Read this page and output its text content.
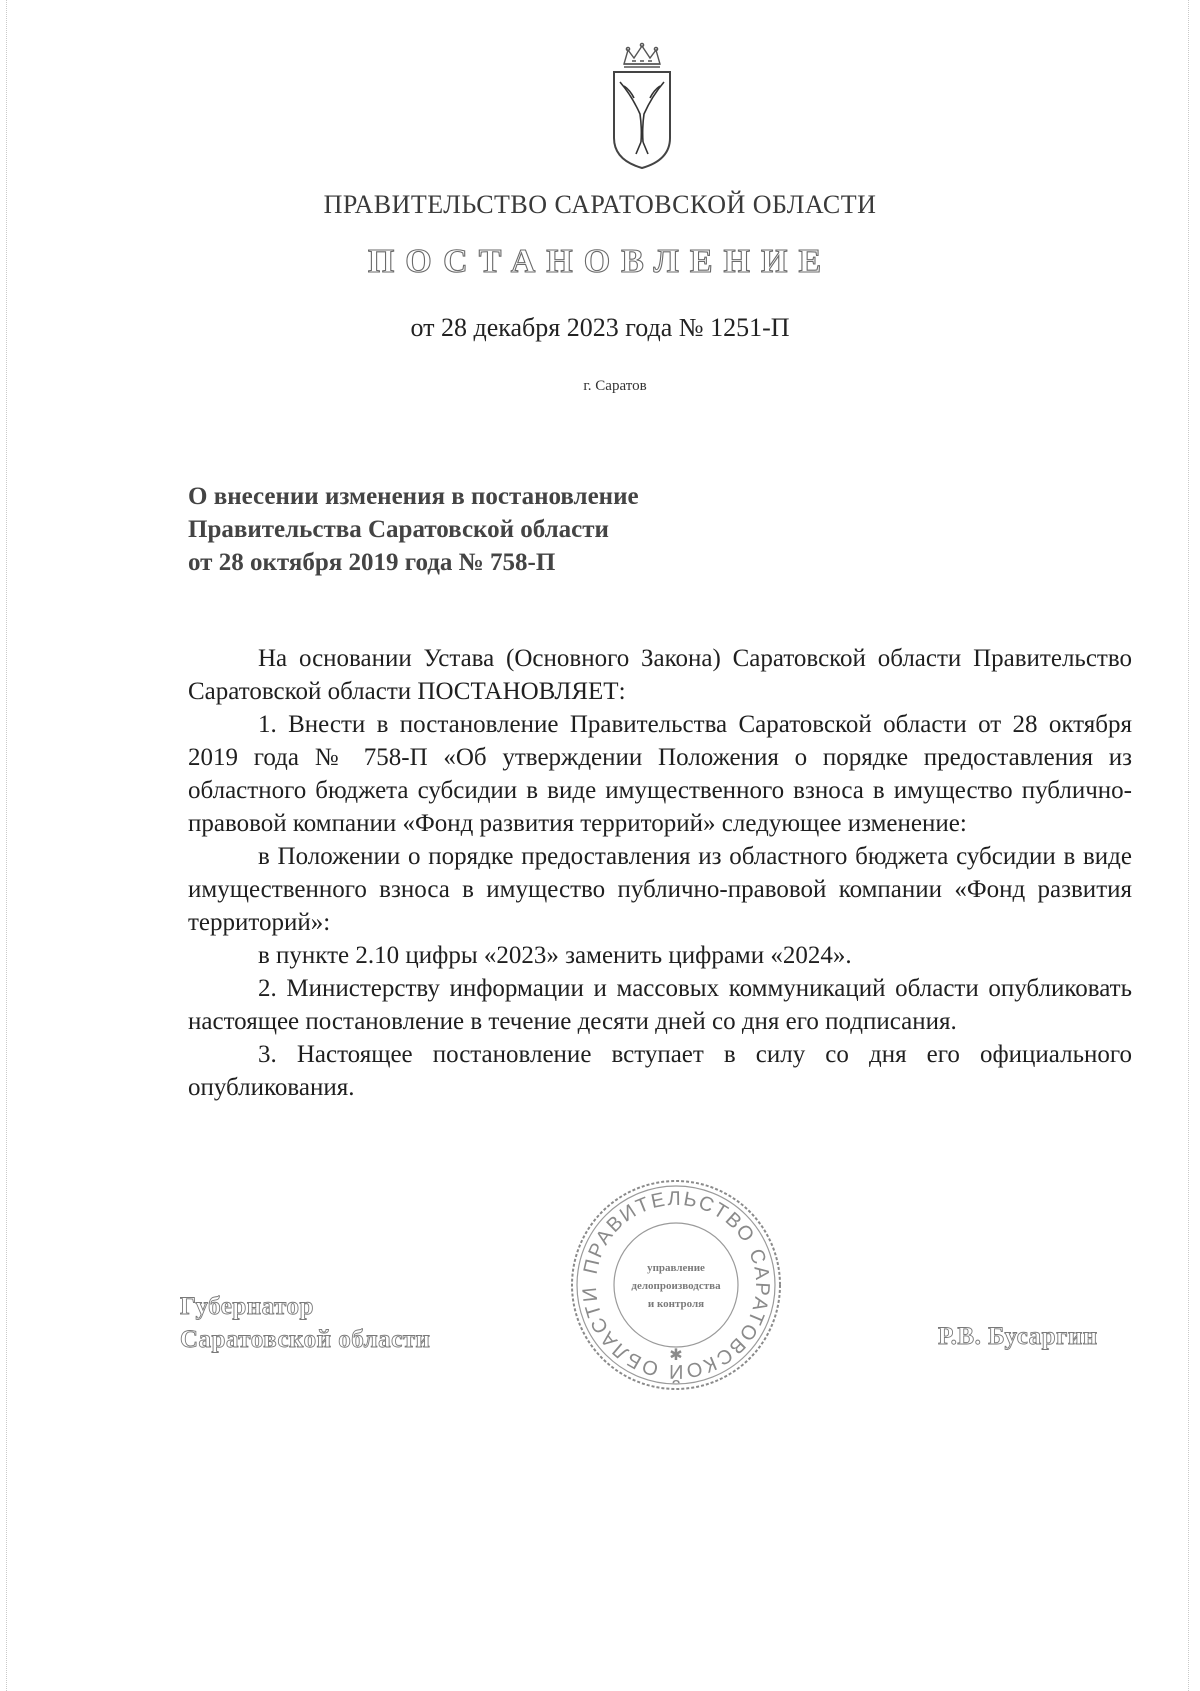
ПРАВИТЕЛЬСТВО САРАТОВСКОЙ ОБЛАСТИ
ПОСТАНОВЛЕНИЕ
от 28 декабря 2023 года № 1251-П
г. Саратов
О внесении изменения в постановление
Правительства Саратовской области
от 28 октября 2019 года № 758-П

На основании Устава (Основного Закона) Саратовской области Правительство Саратовской области ПОСТАНОВЛЯЕТ:

1. Внести в постановление Правительства Саратовской области от 28 октября 2019 года № 758-П «Об утверждении Положения о порядке предоставления из областного бюджета субсидии в виде имущественного взноса в имущество публично-правовой компании «Фонд развития территорий» следующее изменение:

в Положении о порядке предоставления из областного бюджета субсидии в виде имущественного взноса в имущество публично-правовой компании «Фонд развития территорий»:

в пункте 2.10 цифры «2023» заменить цифрами «2024».

2. Министерству информации и массовых коммуникаций области опубликовать настоящее постановление в течение десяти дней со дня его подписания.

3. Настоящее постановление вступает в силу со дня его официального опубликования.

Губернатор
Саратовской области
ПРАВИТЕЛЬСТВО САРАТОВСКОЙ ОБЛАСТИ
✱
управление
делопроизводства
и контроля
Р.В. Бусаргин
